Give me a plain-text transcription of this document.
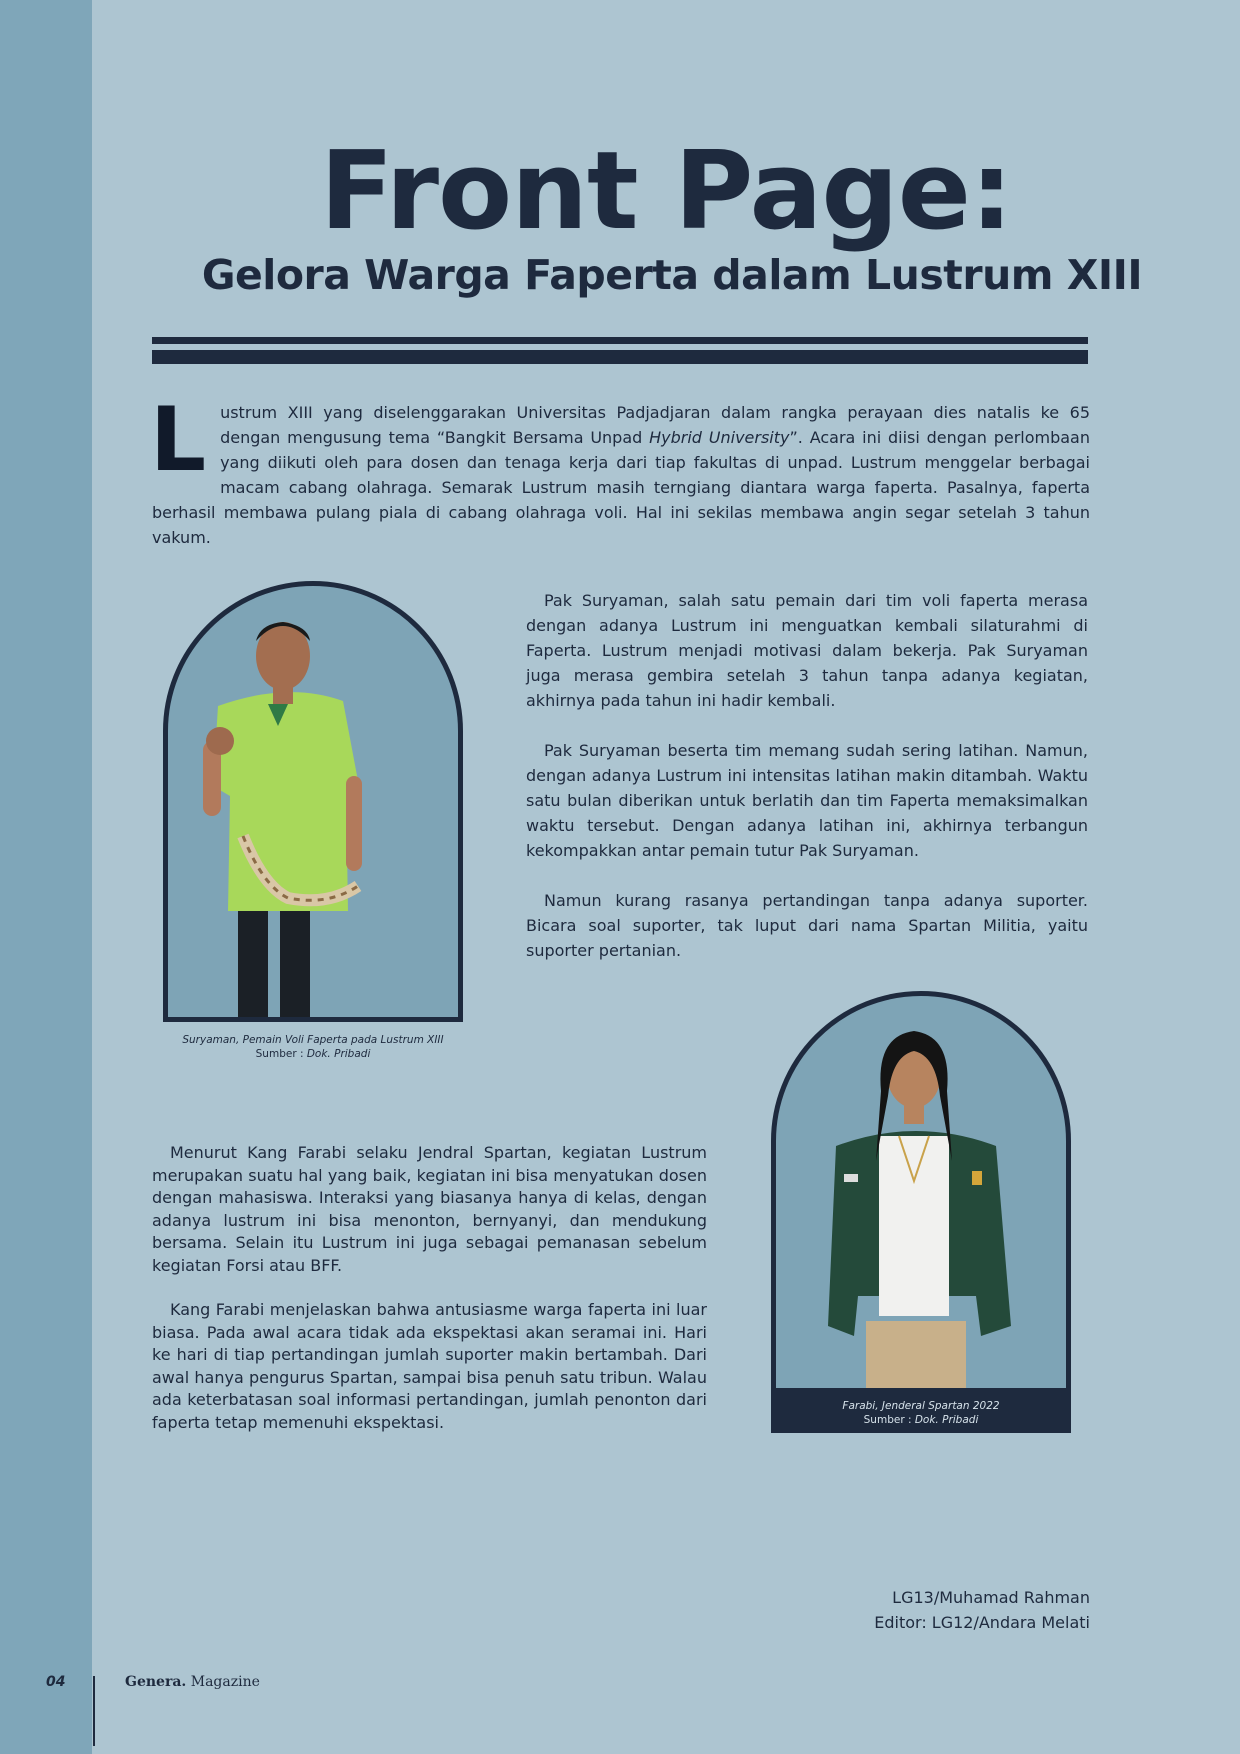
Front Page:
Gelora Warga Faperta dalam Lustrum XIII

Lustrum XIII yang diselenggarakan Universitas Padjadjaran dalam rangka perayaan dies natalis ke 65 dengan mengusung tema “Bangkit Bersama Unpad Hybrid University”. Acara ini diisi dengan perlombaan yang diikuti oleh para dosen dan tenaga kerja dari tiap fakultas di unpad. Lustrum menggelar berbagai macam cabang olahraga. Semarak Lustrum masih terngiang diantara warga faperta. Pasalnya, faperta berhasil membawa pulang piala di cabang olahraga voli. Hal ini sekilas membawa angin segar setelah 3 tahun vakum.

Suryaman, Pemain Voli Faperta pada Lustrum XIII
Sumber : Dok. Pribadi
Pak Suryaman, salah satu pemain dari tim voli faperta merasa dengan adanya Lustrum ini menguatkan kembali silaturahmi di Faperta. Lustrum menjadi motivasi dalam bekerja. Pak Suryaman juga merasa gembira setelah 3 tahun tanpa adanya kegiatan, akhirnya pada tahun ini hadir kembali.
Pak Suryaman beserta tim memang sudah sering latihan. Namun, dengan adanya Lustrum ini intensitas latihan makin ditambah. Waktu satu bulan diberikan untuk berlatih dan tim Faperta memaksimalkan waktu tersebut. Dengan adanya latihan ini, akhirnya terbangun kekompakkan antar pemain tutur Pak Suryaman.
Namun kurang rasanya pertandingan tanpa adanya suporter. Bicara soal suporter, tak luput dari nama Spartan Militia, yaitu suporter pertanian.
Farabi, Jenderal Spartan 2022
Sumber : Dok. Pribadi
Menurut Kang Farabi selaku Jendral Spartan, kegiatan Lustrum merupakan suatu hal yang baik, kegiatan ini bisa menyatukan dosen dengan mahasiswa. Interaksi yang biasanya hanya di kelas, dengan adanya lustrum ini bisa menonton, bernyanyi, dan mendukung bersama. Selain itu Lustrum ini juga sebagai pemanasan sebelum kegiatan Forsi atau BFF.
Kang Farabi menjelaskan bahwa antusiasme warga faperta ini luar biasa. Pada awal acara tidak ada ekspektasi akan seramai ini. Hari ke hari di tiap pertandingan jumlah suporter makin bertambah. Dari awal hanya pengurus Spartan, sampai bisa penuh satu tribun. Walau ada keterbatasan soal informasi pertandingan, jumlah penonton dari faperta tetap memenuhi ekspektasi.
LG13/Muhamad Rahman
Editor: LG12/Andara Melati
04	Genera. Magazine
